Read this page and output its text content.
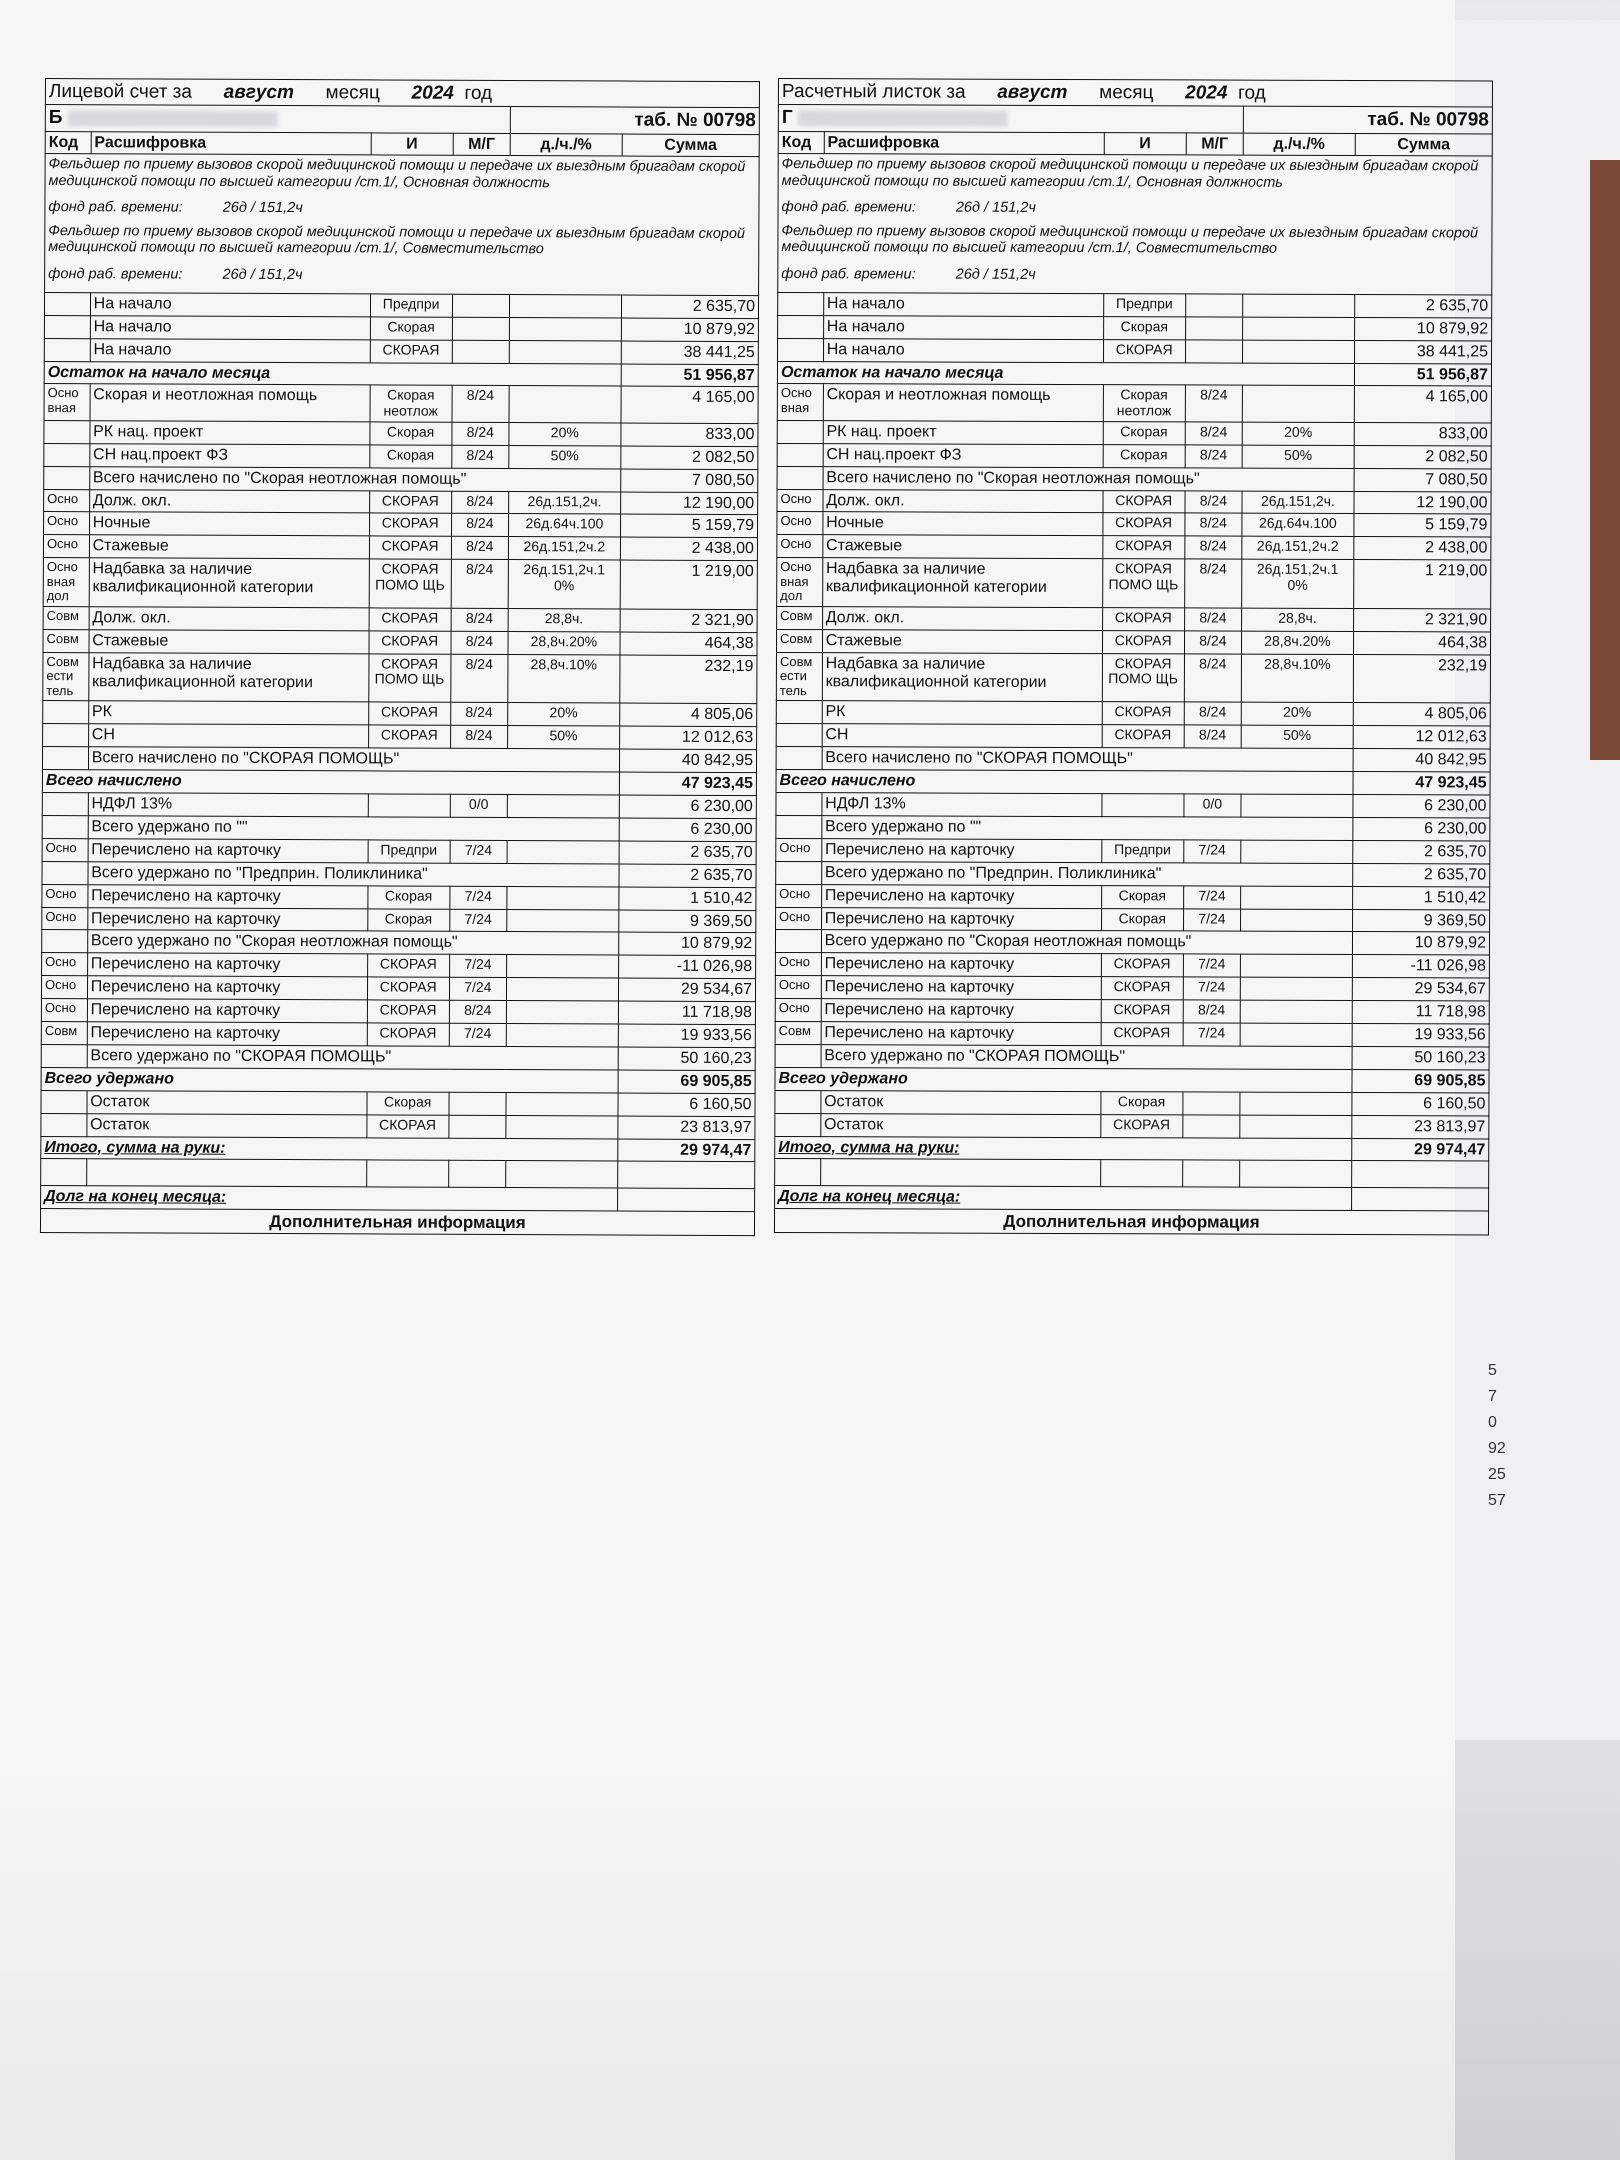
5
7
0
92
25
57
Лицевой счет за август месяц 2024 год					
Б				таб. № 00798	
Код	Расшифровка	И	М/Г	д./ч./%	Сумма

Фельдшер по приему вызовов скорой медицинской помощи и передаче их выездным бригадам скорой медицинской помощи по высшей категории /ст.1/, Основная должность
фонд раб. времени: 26д / 151,2ч
Фельдшер по приему вызовов скорой медицинской помощи и передаче их выездным бригадам скорой медицинской помощи по высшей категории /ст.1/, Совместительство
фонд раб. времени: 26д / 151,2ч					

	На начало	Предпри			2 635,70
	На начало	Скорая			10 879,92
	На начало	СКОРАЯ			38 441,25
Остаток на начало месяца					51 956,87
Осно вная	Скорая и неотложная помощь	Скорая неотлож	8/24		4 165,00
	РК нац. проект	Скорая	8/24	20%	833,00
	СН нац.проект ФЗ	Скорая	8/24	50%	2 082,50
	Всего начислено по "Скорая неотложная помощь"				7 080,50
Осно	Долж. окл.	СКОРАЯ	8/24	26д.151,2ч.	12 190,00
Осно	Ночные	СКОРАЯ	8/24	26д.64ч.100	5 159,79
Осно	Стажевые	СКОРАЯ	8/24	26д.151,2ч.2	2 438,00
Осно вная дол	Надбавка за наличие квалификационной категории	СКОРАЯ ПОМО ЩЬ	8/24	26д.151,2ч.1 0%	1 219,00
Совм	Долж. окл.	СКОРАЯ	8/24	28,8ч.	2 321,90
Совм	Стажевые	СКОРАЯ	8/24	28,8ч.20%	464,38
Совм ести тель	Надбавка за наличие квалификационной категории	СКОРАЯ ПОМО ЩЬ	8/24	28,8ч.10%	232,19
	РК	СКОРАЯ	8/24	20%	4 805,06
	СН	СКОРАЯ	8/24	50%	12 012,63
	Всего начислено по "СКОРАЯ ПОМОЩЬ"				40 842,95
Всего начислено					47 923,45
	НДФЛ 13%		0/0		6 230,00
	Всего удержано по ""				6 230,00
Осно	Перечислено на карточку	Предпри	7/24		2 635,70
	Всего удержано по "Предприн. Поликлиника"				2 635,70
Осно	Перечислено на карточку	Скорая	7/24		1 510,42
Осно	Перечислено на карточку	Скорая	7/24		9 369,50
	Всего удержано по "Скорая неотложная помощь"				10 879,92
Осно	Перечислено на карточку	СКОРАЯ	7/24		-11 026,98
Осно	Перечислено на карточку	СКОРАЯ	7/24		29 534,67
Осно	Перечислено на карточку	СКОРАЯ	8/24		11 718,98
Совм	Перечислено на карточку	СКОРАЯ	7/24		19 933,56
	Всего удержано по "СКОРАЯ ПОМОЩЬ"				50 160,23
Всего удержано					69 905,85
	Остаток	Скорая			6 160,50
	Остаток	СКОРАЯ			23 813,97
Итого, сумма на руки:					29 974,47

Долг на конец месяца:					
Дополнительная информация					
Расчетный листок за август месяц 2024 год					
Г				таб. № 00798	
Код	Расшифровка	И	М/Г	д./ч./%	Сумма

Фельдшер по приему вызовов скорой медицинской помощи и передаче их выездным бригадам скорой медицинской помощи по высшей категории /ст.1/, Основная должность
фонд раб. времени: 26д / 151,2ч
Фельдшер по приему вызовов скорой медицинской помощи и передаче их выездным бригадам скорой медицинской помощи по высшей категории /ст.1/, Совместительство
фонд раб. времени: 26д / 151,2ч					

	На начало	Предпри			2 635,70
	На начало	Скорая			10 879,92
	На начало	СКОРАЯ			38 441,25
Остаток на начало месяца					51 956,87
Осно вная	Скорая и неотложная помощь	Скорая неотлож	8/24		4 165,00
	РК нац. проект	Скорая	8/24	20%	833,00
	СН нац.проект ФЗ	Скорая	8/24	50%	2 082,50
	Всего начислено по "Скорая неотложная помощь"				7 080,50
Осно	Долж. окл.	СКОРАЯ	8/24	26д.151,2ч.	12 190,00
Осно	Ночные	СКОРАЯ	8/24	26д.64ч.100	5 159,79
Осно	Стажевые	СКОРАЯ	8/24	26д.151,2ч.2	2 438,00
Осно вная дол	Надбавка за наличие квалификационной категории	СКОРАЯ ПОМО ЩЬ	8/24	26д.151,2ч.1 0%	1 219,00
Совм	Долж. окл.	СКОРАЯ	8/24	28,8ч.	2 321,90
Совм	Стажевые	СКОРАЯ	8/24	28,8ч.20%	464,38
Совм ести тель	Надбавка за наличие квалификационной категории	СКОРАЯ ПОМО ЩЬ	8/24	28,8ч.10%	232,19
	РК	СКОРАЯ	8/24	20%	4 805,06
	СН	СКОРАЯ	8/24	50%	12 012,63
	Всего начислено по "СКОРАЯ ПОМОЩЬ"				40 842,95
Всего начислено					47 923,45
	НДФЛ 13%		0/0		6 230,00
	Всего удержано по ""				6 230,00
Осно	Перечислено на карточку	Предпри	7/24		2 635,70
	Всего удержано по "Предприн. Поликлиника"				2 635,70
Осно	Перечислено на карточку	Скорая	7/24		1 510,42
Осно	Перечислено на карточку	Скорая	7/24		9 369,50
	Всего удержано по "Скорая неотложная помощь"				10 879,92
Осно	Перечислено на карточку	СКОРАЯ	7/24		-11 026,98
Осно	Перечислено на карточку	СКОРАЯ	7/24		29 534,67
Осно	Перечислено на карточку	СКОРАЯ	8/24		11 718,98
Совм	Перечислено на карточку	СКОРАЯ	7/24		19 933,56
	Всего удержано по "СКОРАЯ ПОМОЩЬ"				50 160,23
Всего удержано					69 905,85
	Остаток	Скорая			6 160,50
	Остаток	СКОРАЯ			23 813,97
Итого, сумма на руки:					29 974,47

Долг на конец месяца:					
Дополнительная информация					
